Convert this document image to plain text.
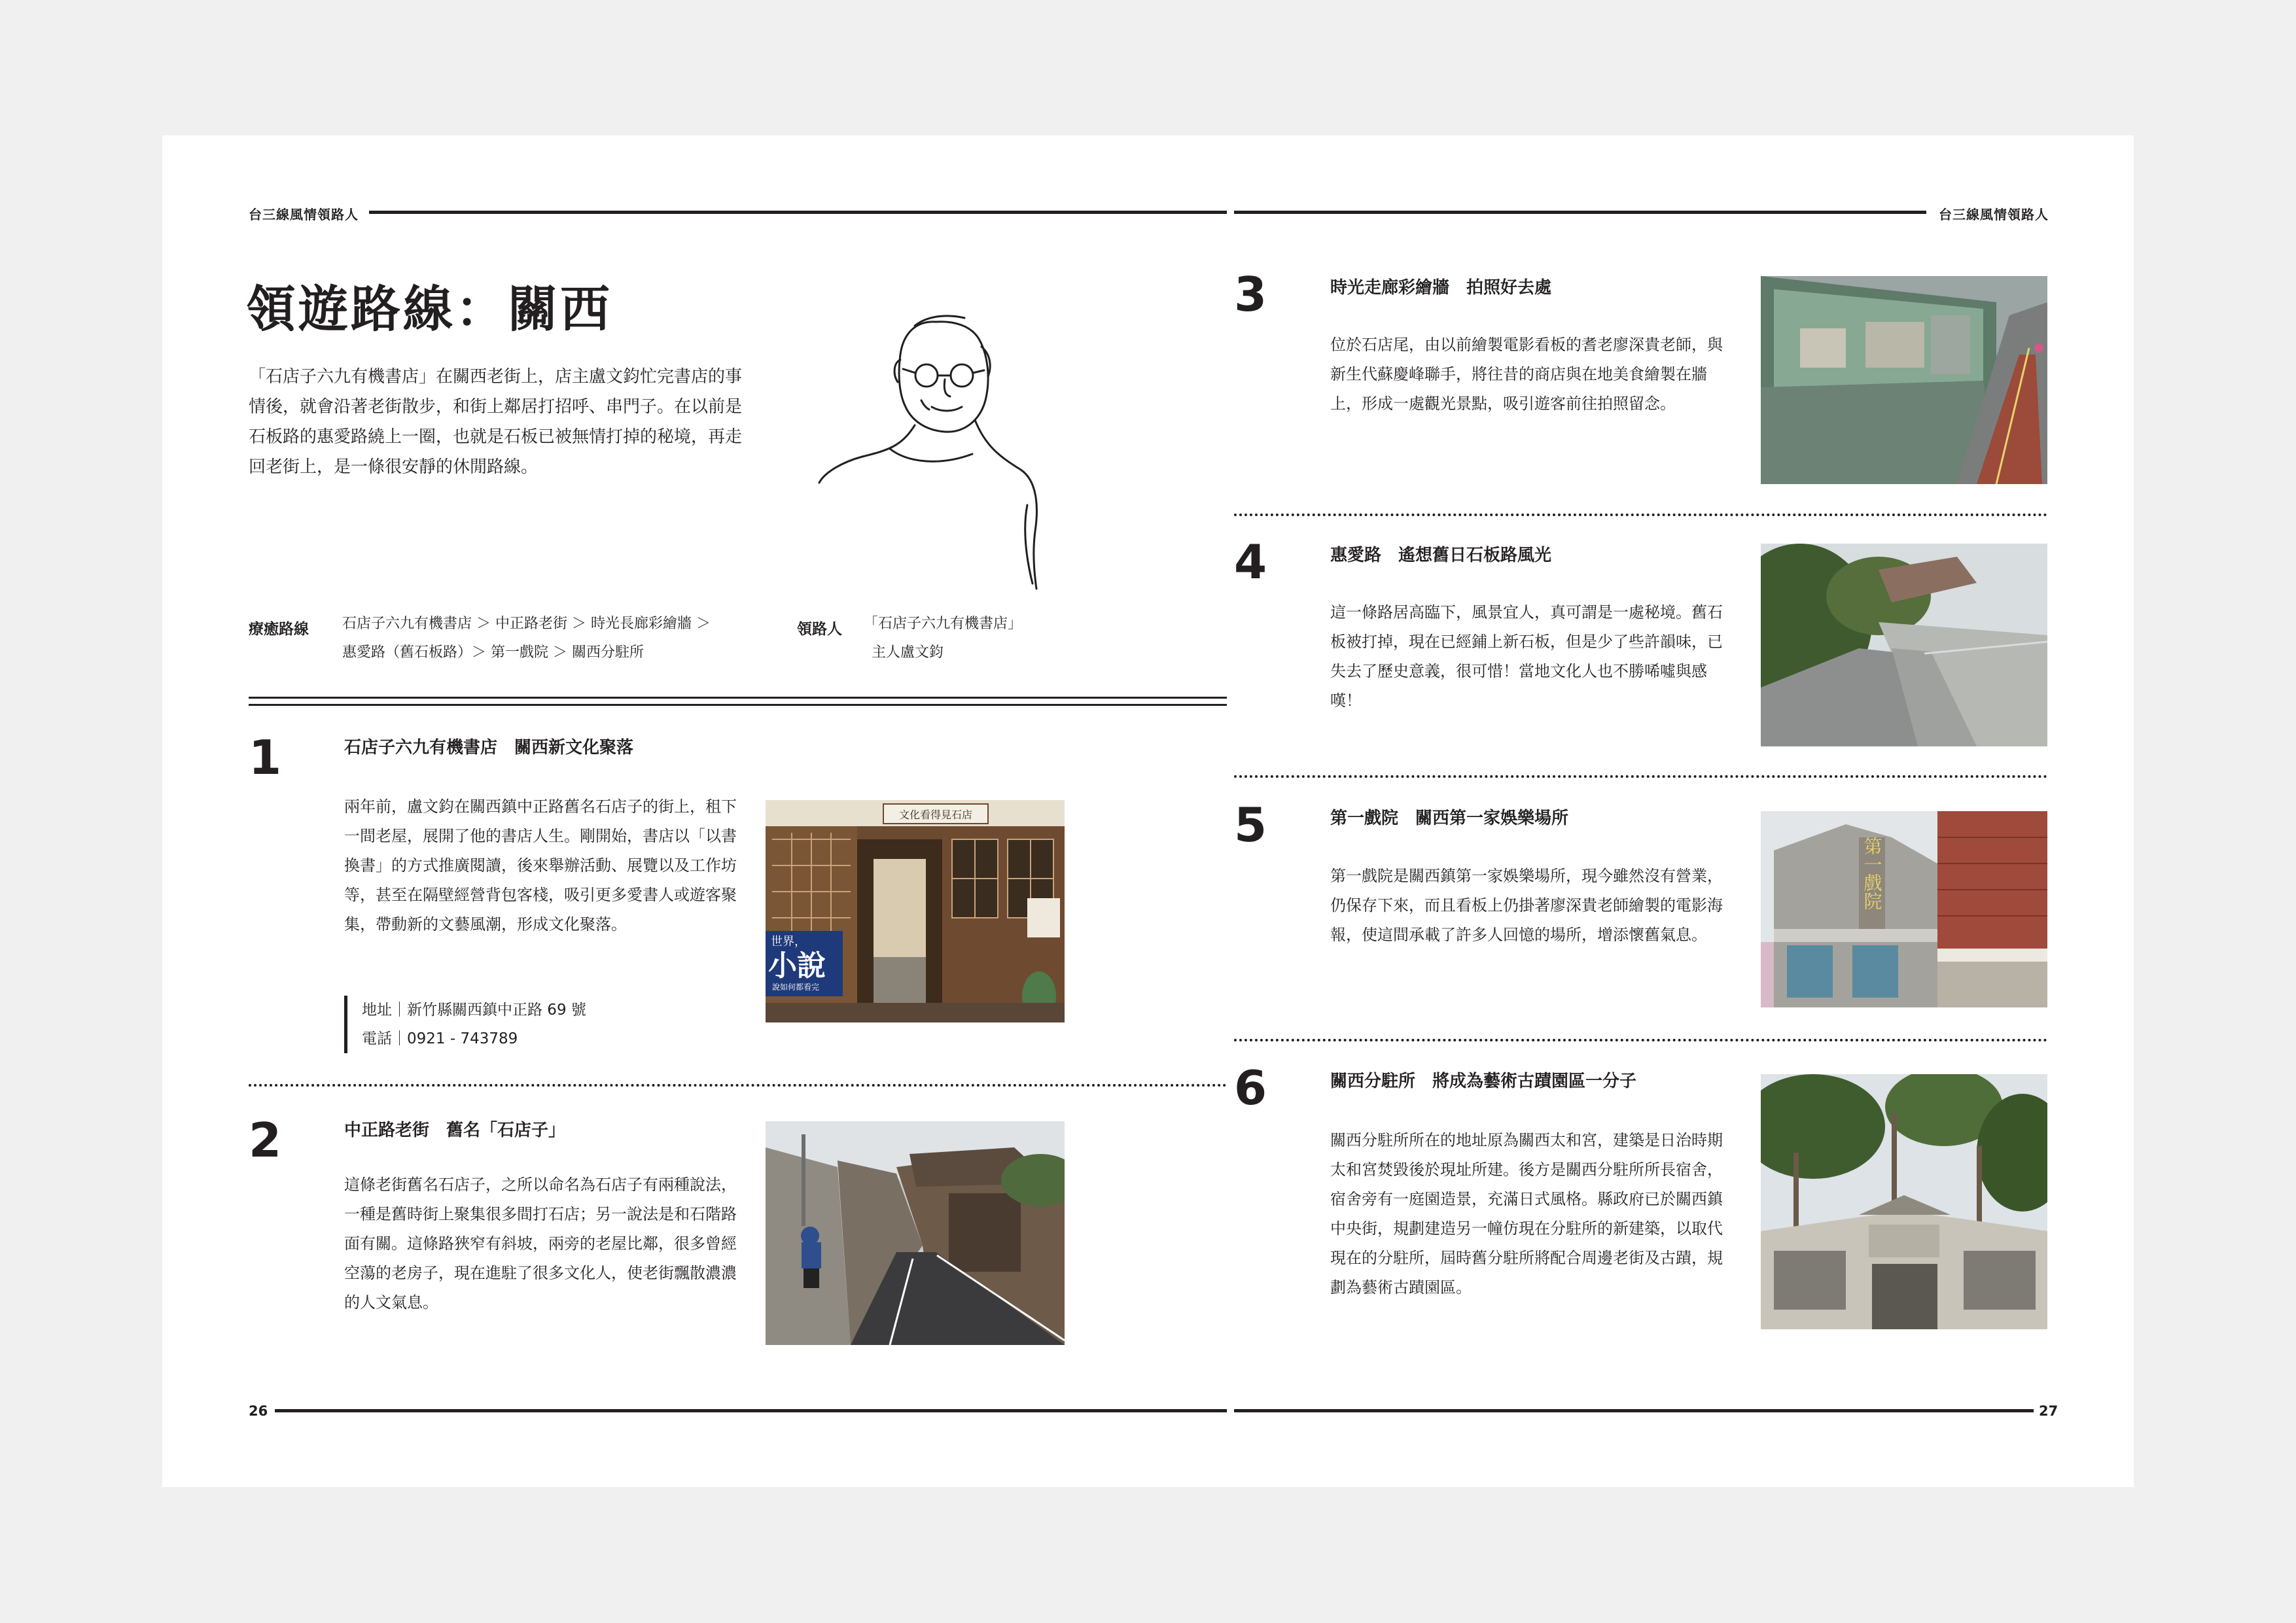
台三線風情領路人
領遊路線：關西
「石店子六九有機書店」在關西老街上，店主盧文鈞忙完書店的事情後，就會沿著老街散步，和街上鄰居打招呼、串門子。在以前是石板路的惠愛路繞上一圈，也就是石板已被無情打掉的秘境，再走回老街上，是一條很安靜的休閒路線。
療癒路線 石店子六九有機書店 ＞ 中正路老街 ＞ 時光長廊彩繪牆 ＞
惠愛路（舊石板路）＞ 第一戲院 ＞ 關西分駐所
領路人 「石店子六九有機書店」
主人盧文鈞
1	石店子六九有機書店　關西新文化聚落
兩年前，盧文鈞在關西鎮中正路舊名石店子的街上，租下一間老屋，展開了他的書店人生。剛開始，書店以「以書換書」的方式推廣閱讀，後來舉辦活動、展覽以及工作坊等，甚至在隔壁經營背包客棧，吸引更多愛書人或遊客聚集，帶動新的文藝風潮，形成文化聚落。
地址｜新竹縣關西鎮中正路 69 號
電話｜0921 - 743789
文化看得見石店
世界，
小說
說如何都看完
2	中正路老街　舊名「石店子」
這條老街舊名石店子，之所以命名為石店子有兩種說法，一種是舊時街上聚集很多間打石店；另一說法是和石階路面有關。這條路狹窄有斜坡，兩旁的老屋比鄰，很多曾經空蕩的老房子，現在進駐了很多文化人，使老街飄散濃濃的人文氣息。
26
台三線風情領路人
3	時光走廊彩繪牆　拍照好去處
位於石店尾，由以前繪製電影看板的耆老廖深貴老師，與新生代蘇慶峰聯手，將往昔的商店與在地美食繪製在牆上，形成一處觀光景點，吸引遊客前往拍照留念。
4	惠愛路　遙想舊日石板路風光
這一條路居高臨下，風景宜人，真可謂是一處秘境。舊石板被打掉，現在已經鋪上新石板，但是少了些許韻味，已失去了歷史意義，很可惜！當地文化人也不勝唏噓與感嘆！
5	第一戲院　關西第一家娛樂場所
第一戲院是關西鎮第一家娛樂場所，現今雖然沒有營業，仍保存下來，而且看板上仍掛著廖深貴老師繪製的電影海報，使這間承載了許多人回憶的場所，增添懷舊氣息。
第一戲院
6	關西分駐所　將成為藝術古蹟園區一分子
關西分駐所所在的地址原為關西太和宮，建築是日治時期太和宮焚毀後於現址所建。後方是關西分駐所所長宿舍，宿舍旁有一庭園造景，充滿日式風格。縣政府已於關西鎮中央街，規劃建造另一幢仿現在分駐所的新建築，以取代現在的分駐所，屆時舊分駐所將配合周邊老街及古蹟，規劃為藝術古蹟園區。
27
